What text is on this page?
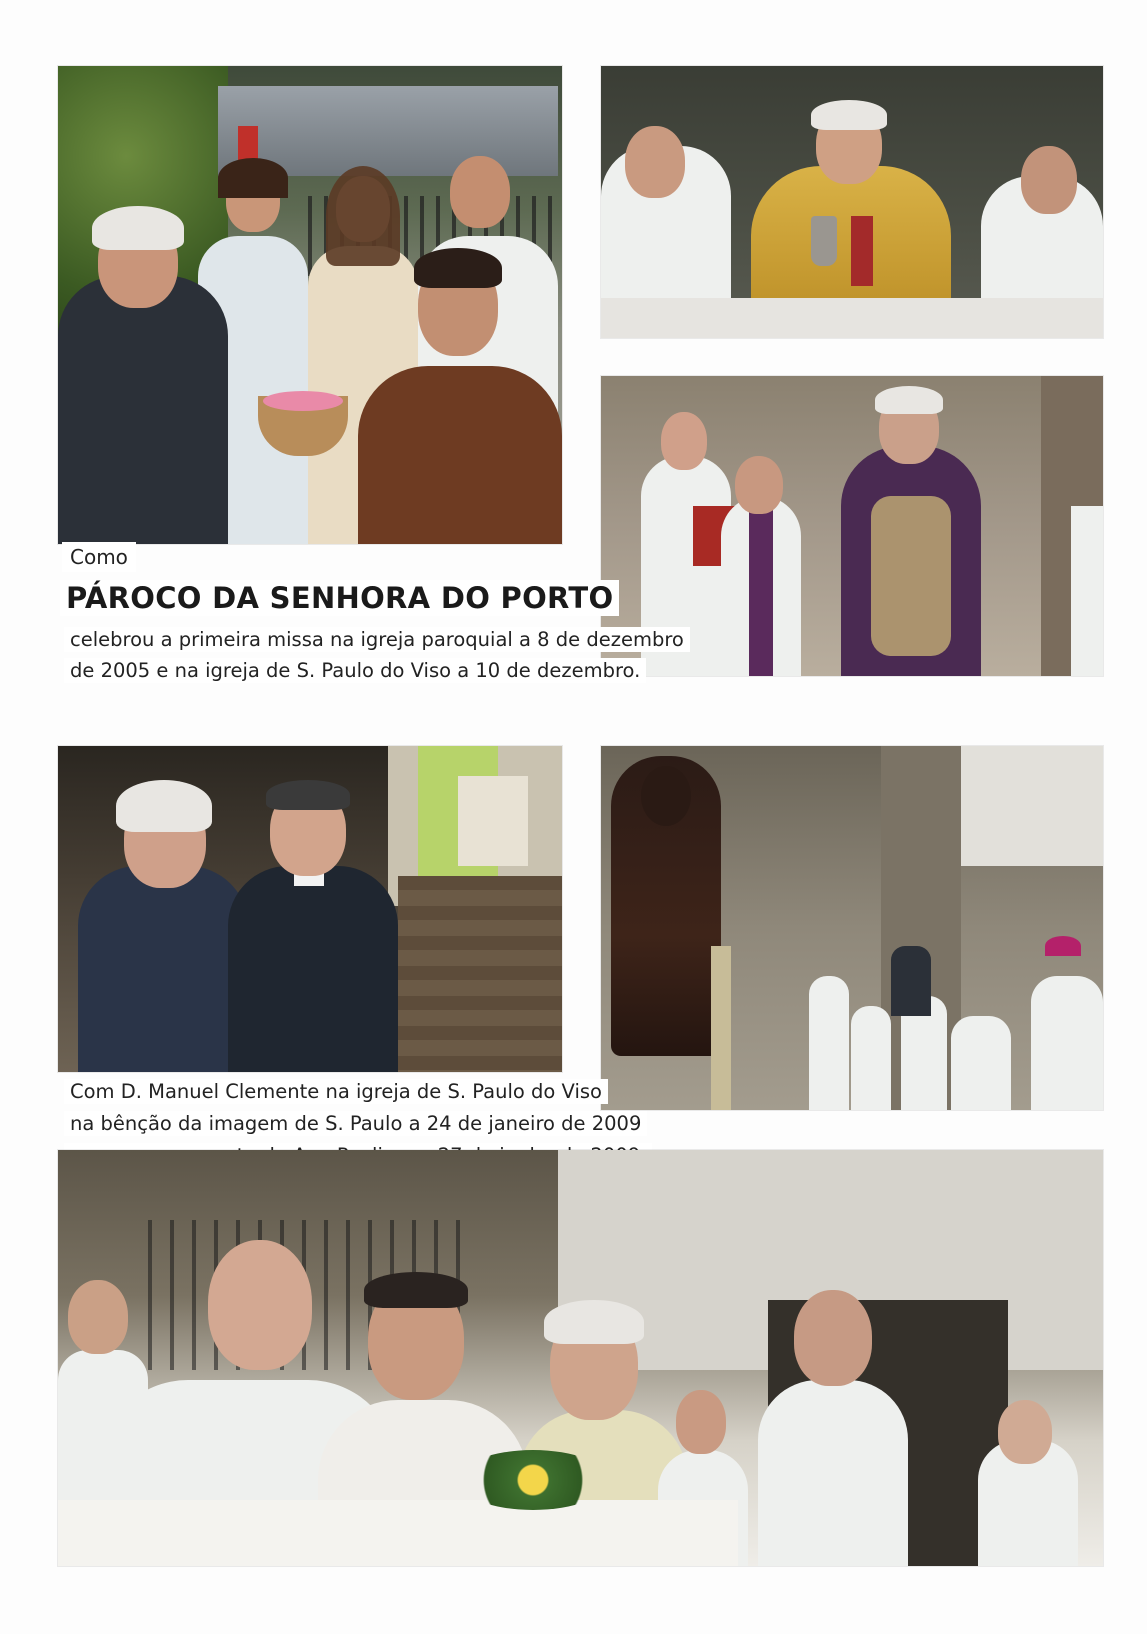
Como
PÁROCO DA SENHORA DO PORTO
celebrou a primeira missa na igreja paroquial a 8 de dezembro
de 2005 e na igreja de S. Paulo do Viso a 10 de dezembro.
Com D. Manuel Clemente na igreja de S. Paulo do Viso
na bênção da imagem de S. Paulo a 24 de janeiro de 2009
